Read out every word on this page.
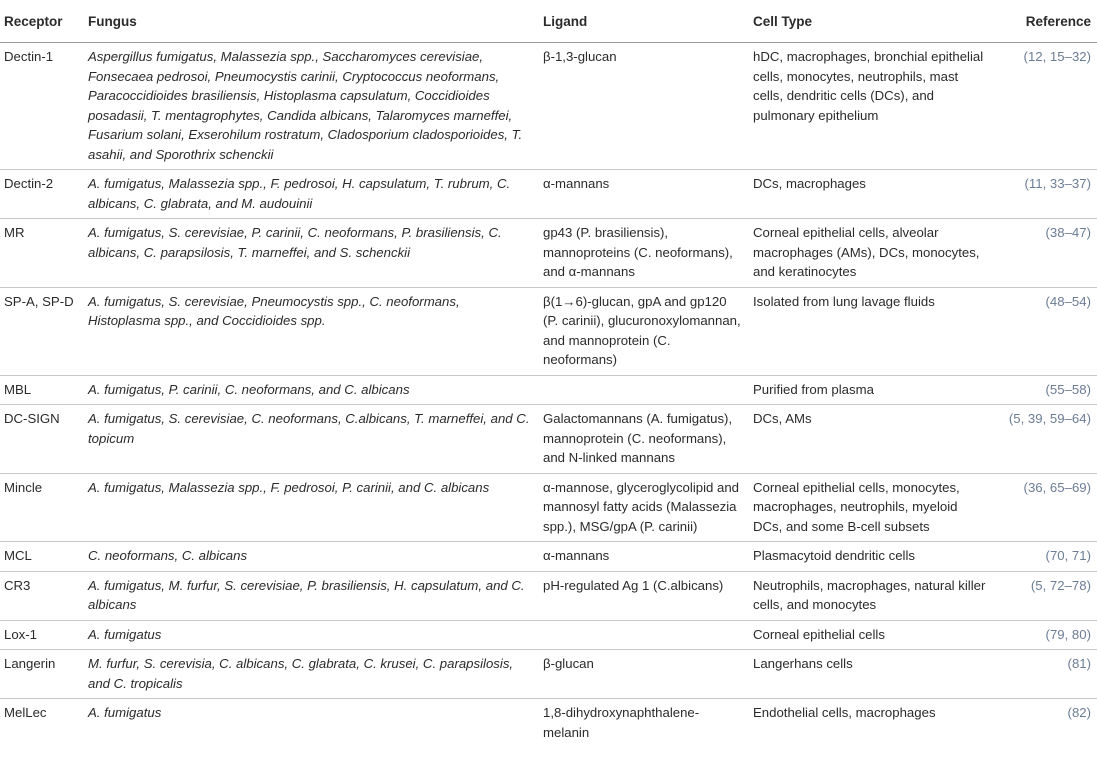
Receptor	Fungus	Ligand	Cell Type	Reference
Dectin-1	Aspergillus fumigatus, Malassezia spp., Saccharomyces cerevisiae, Fonsecaea pedrosoi, Pneumocystis carinii, Cryptococcus neoformans, Paracoccidioides brasiliensis, Histoplasma capsulatum, Coccidioides posadasii, T. mentagrophytes, Candida albicans, Talaromyces marneffei, Fusarium solani, Exserohilum rostratum, Cladosporium cladosporioides, T. asahii, and Sporothrix schenckii	β-1,3-glucan	hDC, macrophages, bronchial epithelial cells, monocytes, neutrophils, mast cells, dendritic cells (DCs), and pulmonary epithelium	(12, 15–32)
Dectin-2	A. fumigatus, Malassezia spp., F. pedrosoi, H. capsulatum, T. rubrum, C. albicans, C. glabrata, and M. audouinii	α-mannans	DCs, macrophages	(11, 33–37)
MR	A. fumigatus, S. cerevisiae, P. carinii, C. neoformans, P. brasiliensis, C. albicans, C. parapsilosis, T. marneffei, and S. schenckii	gp43 (P. brasiliensis), mannoproteins (C. neoformans), and α-mannans	Corneal epithelial cells, alveolar macrophages (AMs), DCs, monocytes, and keratinocytes	(38–47)
SP-A, SP-D	A. fumigatus, S. cerevisiae, Pneumocystis spp., C. neoformans, Histoplasma spp., and Coccidioides spp.	β(1→6)-glucan, gpA and gp120 (P. carinii), glucuronoxylomannan, and mannoprotein (C. neoformans)	Isolated from lung lavage fluids	(48–54)
MBL	A. fumigatus, P. carinii, C. neoformans, and C. albicans		Purified from plasma	(55–58)
DC-SIGN	A. fumigatus, S. cerevisiae, C. neoformans, C.albicans, T. marneffei, and C. topicum	Galactomannans (A. fumigatus), mannoprotein (C. neoformans), and N-linked mannans	DCs, AMs	(5, 39, 59–64)
Mincle	A. fumigatus, Malassezia spp., F. pedrosoi, P. carinii, and C. albicans	α-mannose, glyceroglycolipid and mannosyl fatty acids (Malassezia spp.), MSG/gpA (P. carinii)	Corneal epithelial cells, monocytes, macrophages, neutrophils, myeloid DCs, and some B-cell subsets	(36, 65–69)
MCL	C. neoformans, C. albicans	α-mannans	Plasmacytoid dendritic cells	(70, 71)
CR3	A. fumigatus, M. furfur, S. cerevisiae, P. brasiliensis, H. capsulatum, and C. albicans	pH-regulated Ag 1 (C.albicans)	Neutrophils, macrophages, natural killer cells, and monocytes	(5, 72–78)
Lox-1	A. fumigatus		Corneal epithelial cells	(79, 80)
Langerin	M. furfur, S. cerevisia, C. albicans, C. glabrata, C. krusei, C. parapsilosis, and C. tropicalis	β-glucan	Langerhans cells	(81)
MelLec	A. fumigatus	1,8-dihydroxynaphthalene-melanin	Endothelial cells, macrophages	(82)
